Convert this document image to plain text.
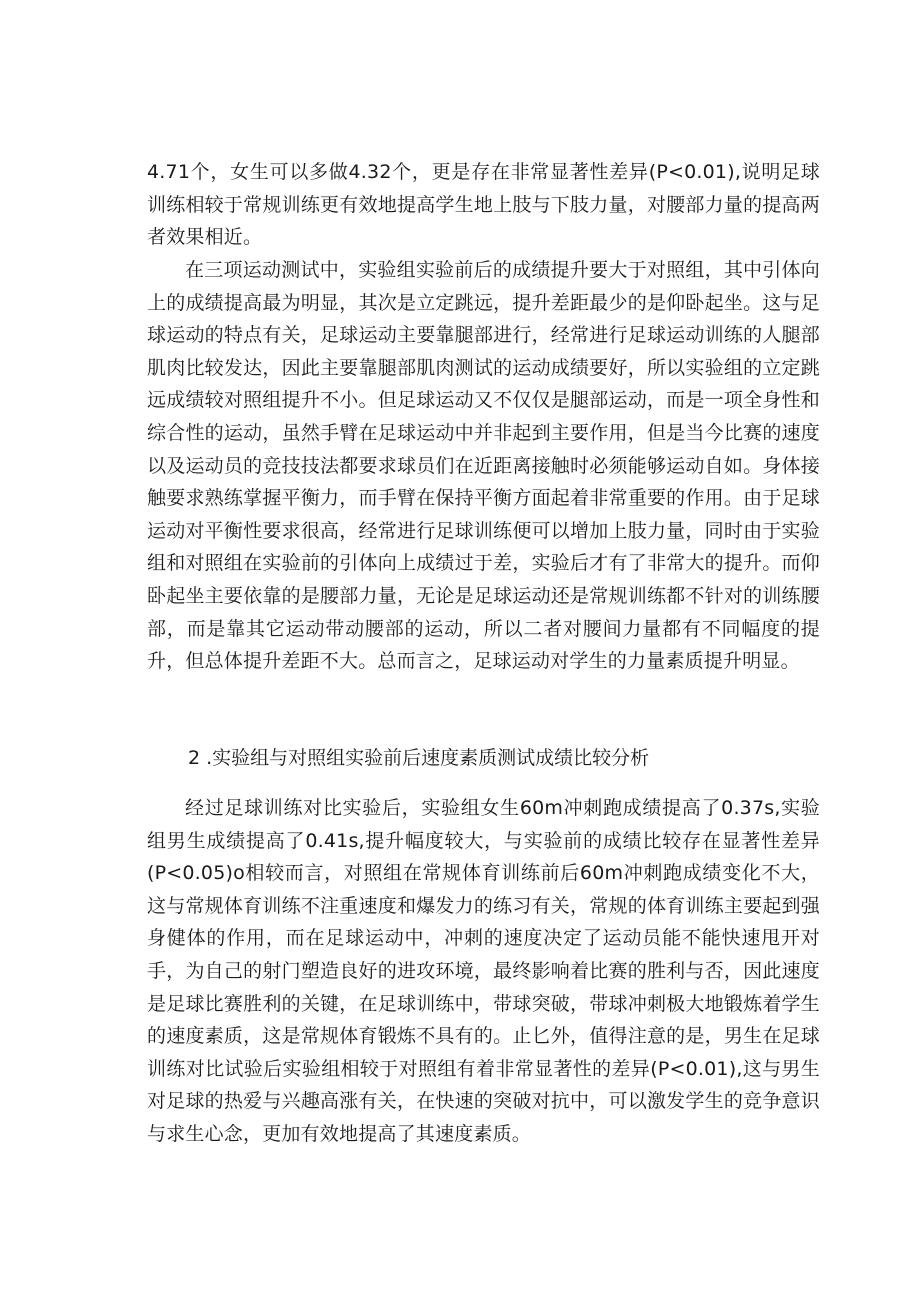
4.71个，女生可以多做4.32个，更是存在非常显著性差异(P<0.01),说明足球训练相较于常规训练更有效地提高学生地上肢与下肢力量，对腰部力量的提高两者效果相近。

在三项运动测试中，实验组实验前后的成绩提升要大于对照组，其中引体向上的成绩提高最为明显，其次是立定跳远，提升差距最少的是仰卧起坐。这与足球运动的特点有关，足球运动主要靠腿部进行，经常进行足球运动训练的人腿部肌肉比较发达，因此主要靠腿部肌肉测试的运动成绩要好，所以实验组的立定跳远成绩较对照组提升不小。但足球运动又不仅仅是腿部运动，而是一项全身性和综合性的运动，虽然手臂在足球运动中并非起到主要作用，但是当今比赛的速度以及运动员的竞技技法都要求球员们在近距离接触时必须能够运动自如。身体接触要求熟练掌握平衡力，而手臂在保持平衡方面起着非常重要的作用。由于足球运动对平衡性要求很高，经常进行足球训练便可以增加上肢力量，同时由于实验组和对照组在实验前的引体向上成绩过于差，实验后才有了非常大的提升。而仰卧起坐主要依靠的是腰部力量，无论是足球运动还是常规训练都不针对的训练腰部，而是靠其它运动带动腰部的运动，所以二者对腰间力量都有不同幅度的提升，但总体提升差距不大。总而言之，足球运动对学生的力量素质提升明显。

2 .实验组与对照组实验前后速度素质测试成绩比较分析

经过足球训练对比实验后，实验组女生60m冲刺跑成绩提高了0.37s,实验组男生成绩提高了0.41s,提升幅度较大，与实验前的成绩比较存在显著性差异(P<0.05)o相较而言，对照组在常规体育训练前后60m冲刺跑成绩变化不大，这与常规体育训练不注重速度和爆发力的练习有关，常规的体育训练主要起到强身健体的作用，而在足球运动中，冲刺的速度决定了运动员能不能快速甩开对手，为自己的射门塑造良好的进攻环境，最终影响着比赛的胜利与否，因此速度是足球比赛胜利的关键，在足球训练中，带球突破，带球冲刺极大地锻炼着学生的速度素质，这是常规体育锻炼不具有的。止匕外，值得注意的是，男生在足球训练对比试验后实验组相较于对照组有着非常显著性的差异(P<0.01),这与男生对足球的热爱与兴趣高涨有关，在快速的突破对抗中，可以激发学生的竞争意识与求生心念，更加有效地提高了其速度素质。
